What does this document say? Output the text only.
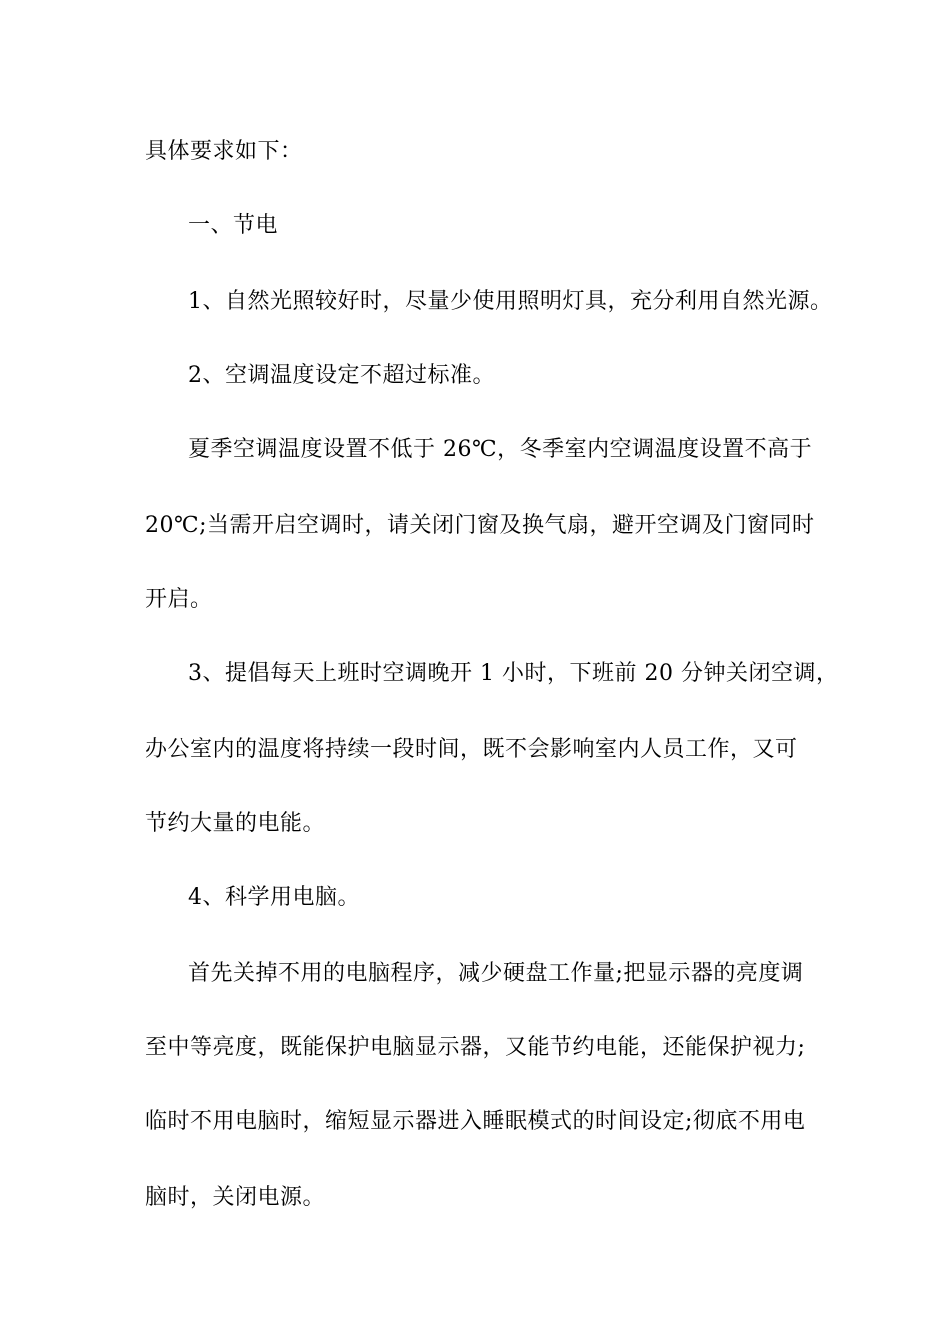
具体要求如下：
一、节电
1、自然光照较好时，尽量少使用照明灯具，充分利用自然光源。
2、空调温度设定不超过标准。
夏季空调温度设置不低于 26℃，冬季室内空调温度设置不高于
20℃;当需开启空调时，请关闭门窗及换气扇，避开空调及门窗同时
开启。
3、提倡每天上班时空调晚开 1 小时，下班前 20 分钟关闭空调，
办公室内的温度将持续一段时间，既不会影响室内人员工作，又可
节约大量的电能。
4、科学用电脑。
首先关掉不用的电脑程序，减少硬盘工作量;把显示器的亮度调
至中等亮度，既能保护电脑显示器，又能节约电能，还能保护视力;
临时不用电脑时，缩短显示器进入睡眠模式的时间设定;彻底不用电
脑时，关闭电源。
